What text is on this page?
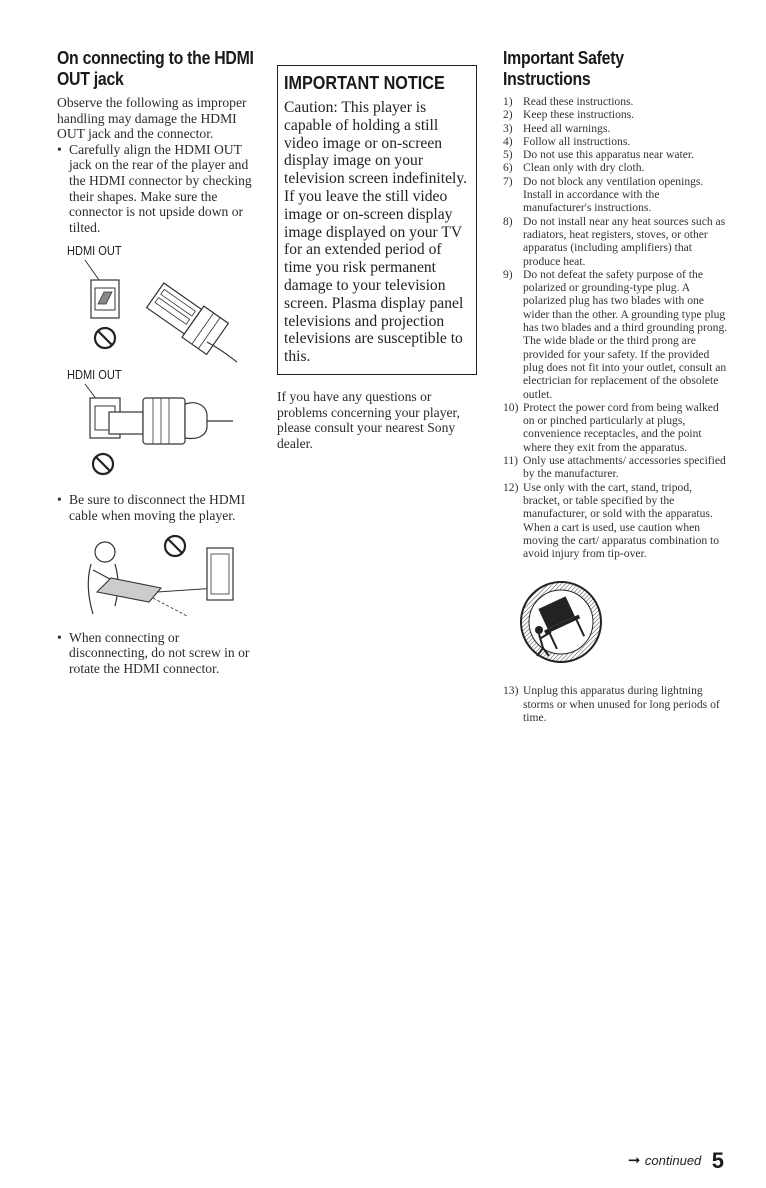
On connecting to the HDMI OUT jack

Observe the following as improper handling may damage the HDMI OUT jack and the connector.

• Carefully align the HDMI OUT jack on the rear of the player and the HDMI connector by checking their shapes. Make sure the connector is not upside down or tilted.
HDMI OUT
HDMI OUT
• Be sure to disconnect the HDMI cable when moving the player.
• When connecting or disconnecting, do not screw in or rotate the HDMI connector.
IMPORTANT NOTICE

Caution: This player is capable of holding a still video image or on-screen display image on your television screen indefinitely. If you leave the still video image or on-screen display image displayed on your TV for an extended period of time you risk permanent damage to your television screen. Plasma display panel televisions and projection televisions are susceptible to this.

If you have any questions or problems concerning your player, please consult your nearest Sony dealer.

Important Safety Instructions
1) Read these instructions.
2) Keep these instructions.
3) Heed all warnings.
4) Follow all instructions.
5) Do not use this apparatus near water.
6) Clean only with dry cloth.
7) Do not block any ventilation openings. Install in accordance with the manufacturer's instructions.
8) Do not install near any heat sources such as radiators, heat registers, stoves, or other apparatus (including amplifiers) that produce heat.
9) Do not defeat the safety purpose of the polarized or grounding-type plug. A polarized plug has two blades with one wider than the other. A grounding type plug has two blades and a third grounding prong. The wide blade or the third prong are provided for your safety. If the provided plug does not fit into your outlet, consult an electrician for replacement of the obsolete outlet.
10) Protect the power cord from being walked on or pinched particularly at plugs, convenience receptacles, and the point where they exit from the apparatus.
11) Only use attachments/ accessories specified by the manufacturer.
12) Use only with the cart, stand, tripod, bracket, or table specified by the manufacturer, or sold with the apparatus. When a cart is used, use caution when moving the cart/ apparatus combination to avoid injury from tip-over.
13) Unplug this apparatus during lightning storms or when unused for long periods of time.
➞ continued 5
